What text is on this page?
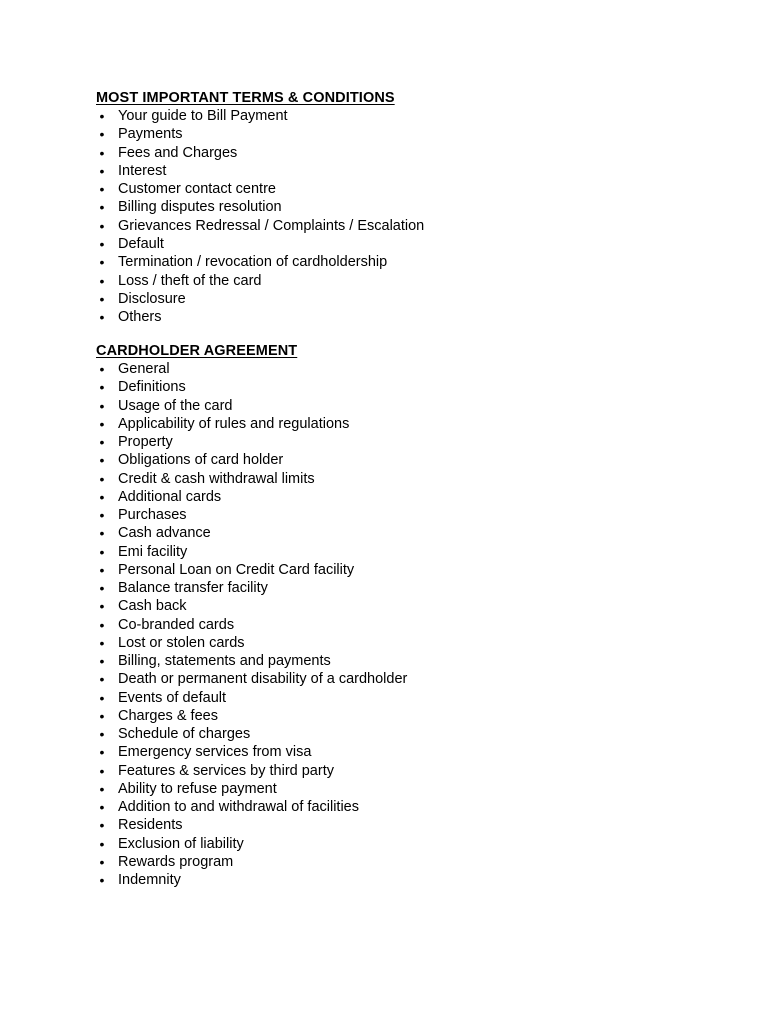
MOST IMPORTANT TERMS & CONDITIONS

• Your guide to Bill Payment
• Payments
• Fees and Charges
• Interest
• Customer contact centre
• Billing disputes resolution
• Grievances Redressal / Complaints / Escalation
• Default
• Termination / revocation of cardholdership
• Loss / theft of the card
• Disclosure
• Others

CARDHOLDER AGREEMENT

• General
• Definitions
• Usage of the card
• Applicability of rules and regulations
• Property
• Obligations of card holder
• Credit & cash withdrawal limits
• Additional cards
• Purchases
• Cash advance
• Emi facility
• Personal Loan on Credit Card facility
• Balance transfer facility
• Cash back
• Co-branded cards
• Lost or stolen cards
• Billing, statements and payments
• Death or permanent disability of a cardholder
• Events of default
• Charges & fees
• Schedule of charges
• Emergency services from visa
• Features & services by third party
• Ability to refuse payment
• Addition to and withdrawal of facilities
• Residents
• Exclusion of liability
• Rewards program
• Indemnity
